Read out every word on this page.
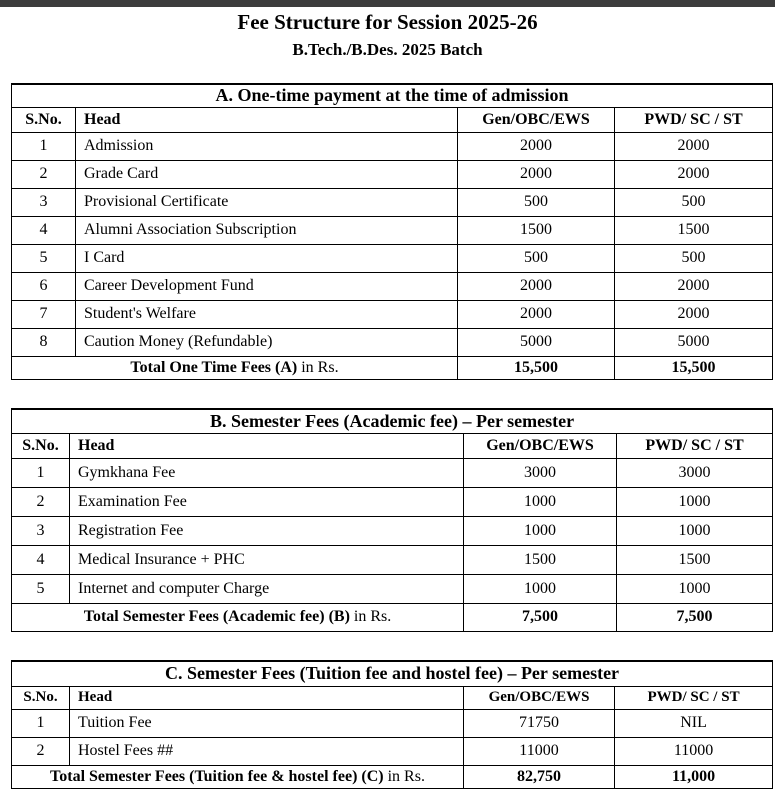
Fee Structure for Session 2025-26
B.Tech./B.Des. 2025 Batch
A. One-time payment at the time of admission			
S.No.	Head	Gen/OBC/EWS	PWD/ SC / ST
1	Admission	2000	2000
2	Grade Card	2000	2000
3	Provisional Certificate	500	500
4	Alumni Association Subscription	1500	1500
5	I Card	500	500
6	Career Development Fund	2000	2000
7	Student's Welfare	2000	2000
8	Caution Money (Refundable)	5000	5000
Total One Time Fees (A) in Rs.		15,500	15,500
B. Semester Fees (Academic fee) – Per semester			
S.No.	Head	Gen/OBC/EWS	PWD/ SC / ST
1	Gymkhana Fee	3000	3000
2	Examination Fee	1000	1000
3	Registration Fee	1000	1000
4	Medical Insurance + PHC	1500	1500
5	Internet and computer Charge	1000	1000
Total Semester Fees (Academic fee) (B) in Rs.		7,500	7,500
C. Semester Fees (Tuition fee and hostel fee) – Per semester			
S.No.	Head	Gen/OBC/EWS	PWD/ SC / ST
1	Tuition Fee	71750	NIL
2	Hostel Fees ##	11000	11000
Total Semester Fees (Tuition fee & hostel fee) (C) in Rs.		82,750	11,000
